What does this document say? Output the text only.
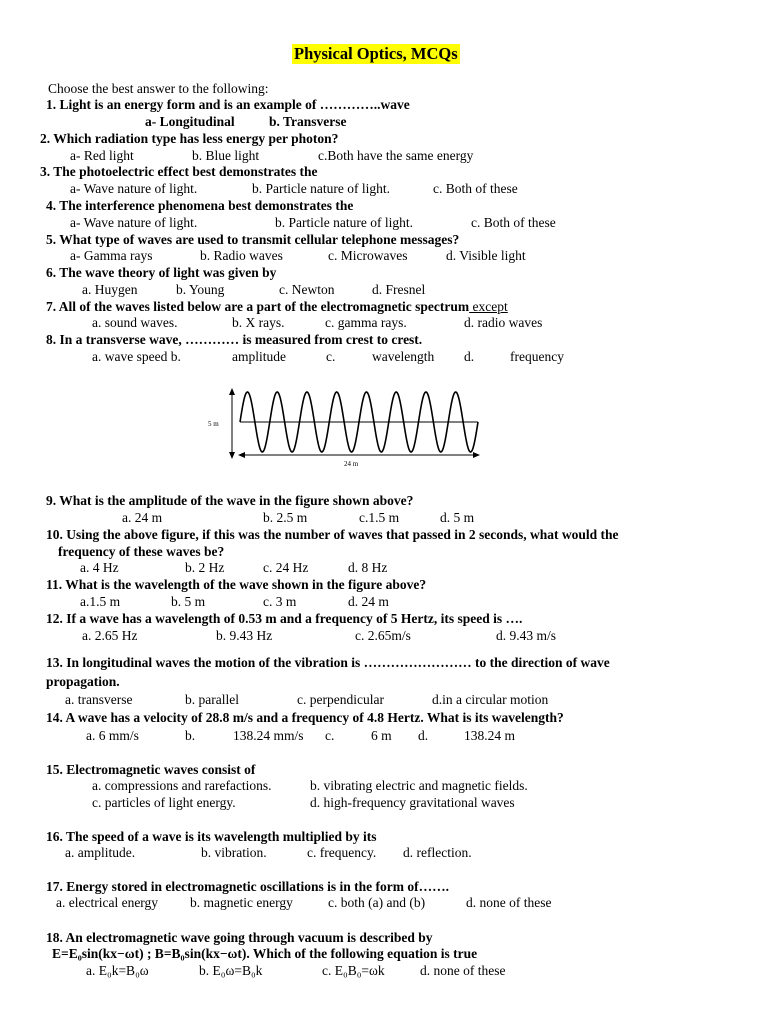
Physical Optics, MCQs
Choose the best answer to the following:
1. Light is an energy form and is an example of …………..wave
a- Longitudinal	b. Transverse
2. Which radiation type has less energy per photon?
a- Red light	b. Blue light	c.Both have the same energy
3. The photoelectric effect best demonstrates the
a- Wave nature of light.	b. Particle nature of light.	c. Both of these
4. The interference phenomena best demonstrates the
a- Wave nature of light.	b. Particle nature of light.	c. Both of these
5. What type of waves are used to transmit cellular telephone messages?
a- Gamma rays	b. Radio waves	c. Microwaves	d. Visible light
6. The wave theory of light was given by
a. Huygen	b. Young	c. Newton	d. Fresnel
7. All of the waves listed below are a part of the electromagnetic spectrum except
a. sound waves.	b. X rays.	c. gamma rays.	d. radio waves
8. In a transverse wave, ………… is measured from crest to crest.
a. wave speed b.	amplitude	c.	wavelength d.	frequency
5 m
24 m
9. What is the amplitude of the wave in the figure shown above?
a. 24 m	b. 2.5 m	c.1.5 m	d. 5 m
10. Using the above figure, if this was the number of waves that passed in 2 seconds, what would the
frequency of these waves be?
a. 4 Hz	b. 2 Hz	c. 24 Hz	d. 8 Hz
11. What is the wavelength of the wave shown in the figure above?
a.1.5 m	b. 5 m	c. 3 m	d. 24 m
12. If a wave has a wavelength of 0.53 m and a frequency of 5 Hertz, its speed is ….
a. 2.65 Hz	b. 9.43 Hz	c. 2.65m/s	d. 9.43 m/s
13. In longitudinal waves the motion of the vibration is …………………… to the direction of wave
propagation.
a. transverse	b. parallel	c. perpendicular	d.in a circular motion
14. A wave has a velocity of 28.8 m/s and a frequency of 4.8 Hertz. What is its wavelength?
a. 6 mm/s	b.	138.24 mm/s c.	6 m d.	138.24 m
15. Electromagnetic waves consist of
a. compressions and rarefactions.	b. vibrating electric and magnetic fields.
c. particles of light energy.	d. high-frequency gravitational waves
16. The speed of a wave is its wavelength multiplied by its
a. amplitude.	b. vibration.	c. frequency. d. reflection.
17. Energy stored in electromagnetic oscillations is in the form of…….
a. electrical energy b. magnetic energy	c. both (a) and (b)	d. none of these
18. An electromagnetic wave going through vacuum is described by
E=E₀sin(kx−ωt) ; B=B₀sin(kx−ωt). Which of the following equation is true
a. E₀k=B₀ω	b. E₀ω=B₀k	c. E₀B₀=ωk	d. none of these
